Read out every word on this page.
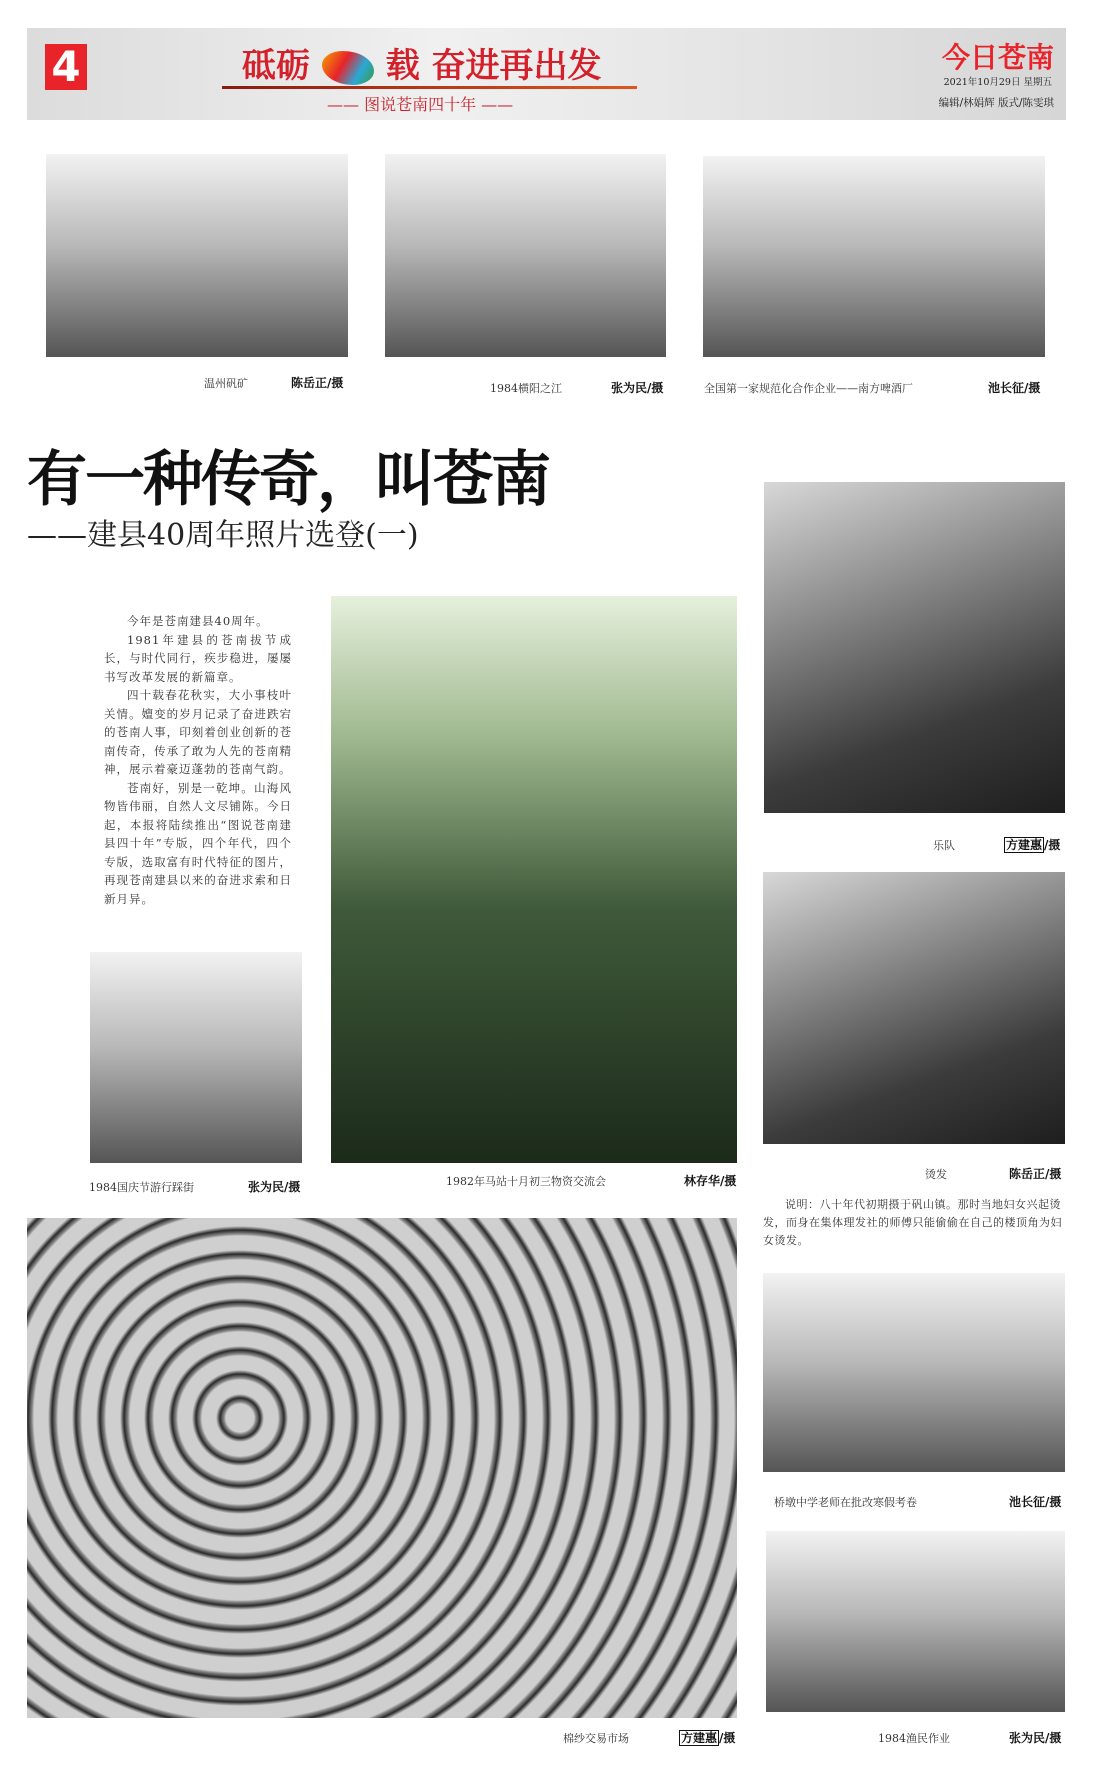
4	砥砺 载 奋进再出发
—— 图说苍南四十年 ——
今日苍南
2021年10月29日 星期五
编辑/林娟辉 版式/陈雯琪
温州矾矿	陈岳正/摄	1984横阳之江	张为民/摄	全国第一家规范化合作企业——南方啤酒厂	池长征/摄
有一种传奇，叫苍南
——建县40周年照片选登(一)

今年是苍南建县40周年。

1981年建县的苍南拔节成长，与时代同行，疾步稳进，屡屡书写改革发展的新篇章。

四十载春花秋实，大小事枝叶关情。嬗变的岁月记录了奋进跌宕的苍南人事，印刻着创业创新的苍南传奇，传承了敢为人先的苍南精神，展示着豪迈蓬勃的苍南气韵。

苍南好，别是一乾坤。山海风物皆伟丽，自然人文尽铺陈。今日起，本报将陆续推出“图说苍南建县四十年”专版，四个年代，四个专版，选取富有时代特征的图片，再现苍南建县以来的奋进求索和日新月异。

乐队	方建惠 /摄
1982年马站十月初三物资交流会	林存华/摄
1984国庆节游行踩街	张为民/摄
烫发	陈岳正/摄
说明：八十年代初期摄于矾山镇。那时当地妇女兴起烫发，而身在集体理发社的师傅只能偷偷在自己的楼顶角为妇女烫发。
桥墩中学老师在批改寒假考卷	池长征/摄
棉纱交易市场	方建惠 /摄	1984渔民作业	张为民/摄
